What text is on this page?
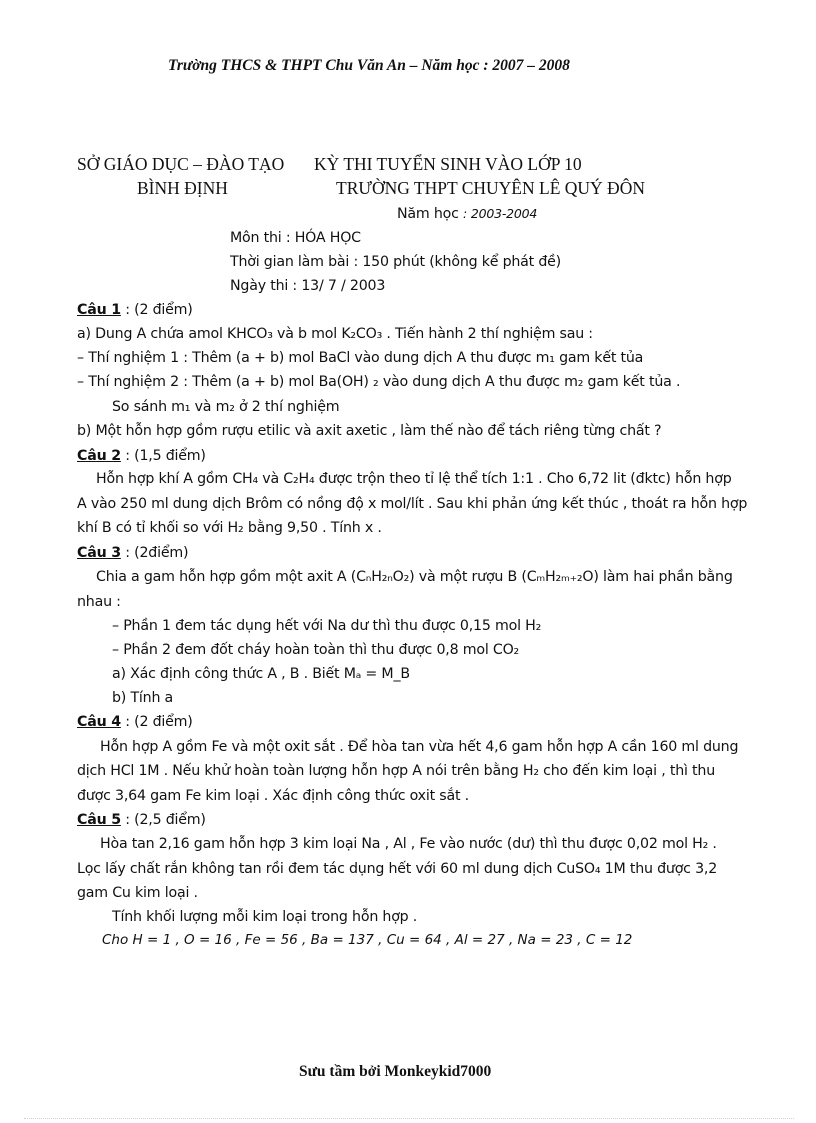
Trường THCS & THPT Chu Văn An – Năm học : 2007 – 2008
SỞ GIÁO DỤC – ĐÀO TẠO
BÌNH ĐỊNH
KỲ THI TUYỂN SINH VÀO LỚP 10
TRƯỜNG THPT CHUYÊN LÊ QUÝ ĐÔN
Năm học : 2003-2004
Môn thi : HÓA HỌC
Thời gian làm bài : 150 phút (không kể phát đề)
Ngày thi : 13/ 7 / 2003
Câu 1 : (2 điểm)
a) Dung A chứa amol KHCO₃ và b mol K₂CO₃ . Tiến hành 2 thí nghiệm sau :
– Thí nghiệm 1 : Thêm (a + b) mol BaCl vào dung dịch A thu được m₁ gam kết tủa
– Thí nghiệm 2 : Thêm (a + b) mol Ba(OH) ₂ vào dung dịch A thu được m₂ gam kết tủa .
So sánh m₁ và m₂ ở 2 thí nghiệm
b) Một hỗn hợp gồm rượu etilic và axit axetic , làm thế nào để tách riêng từng chất ?
Câu 2 : (1,5 điểm)
Hỗn hợp khí A gồm CH₄ và C₂H₄ được trộn theo tỉ lệ thể tích 1:1 . Cho 6,72 lit (đktc) hỗn hợp
A vào 250 ml dung dịch Brôm có nồng độ x mol/lít . Sau khi phản ứng kết thúc , thoát ra hỗn hợp
khí B có tỉ khối so với H₂ bằng 9,50 . Tính x .
Câu 3 : (2điểm)
Chia a gam hỗn hợp gồm một axit A (CₙH₂ₙO₂) và một rượu B (CₘH₂ₘ₊₂O) làm hai phần bằng
nhau :
– Phần 1 đem tác dụng hết với Na dư thì thu được 0,15 mol H₂
– Phần 2 đem đốt cháy hoàn toàn thì thu được 0,8 mol CO₂
a) Xác định công thức A , B . Biết Mₐ = M_B
b) Tính a
Câu 4 : (2 điểm)
Hỗn hợp A gồm Fe và một oxit sắt . Để hòa tan vừa hết 4,6 gam hỗn hợp A cần 160 ml dung
dịch HCl 1M . Nếu khử hoàn toàn lượng hỗn hợp A nói trên bằng H₂ cho đến kim loại , thì thu
được 3,64 gam Fe kim loại . Xác định công thức oxit sắt .
Câu 5 : (2,5 điểm)
Hòa tan 2,16 gam hỗn hợp 3 kim loại Na , Al , Fe vào nước (dư) thì thu được 0,02 mol H₂ .
Lọc lấy chất rắn không tan rồi đem tác dụng hết với 60 ml dung dịch CuSO₄ 1M thu được 3,2
gam Cu kim loại .
Tính khối lượng mỗi kim loại trong hỗn hợp .
Cho H = 1 , O = 16 , Fe = 56 , Ba = 137 , Cu = 64 , Al = 27 , Na = 23 , C = 12
Sưu tầm bởi Monkeykid7000
